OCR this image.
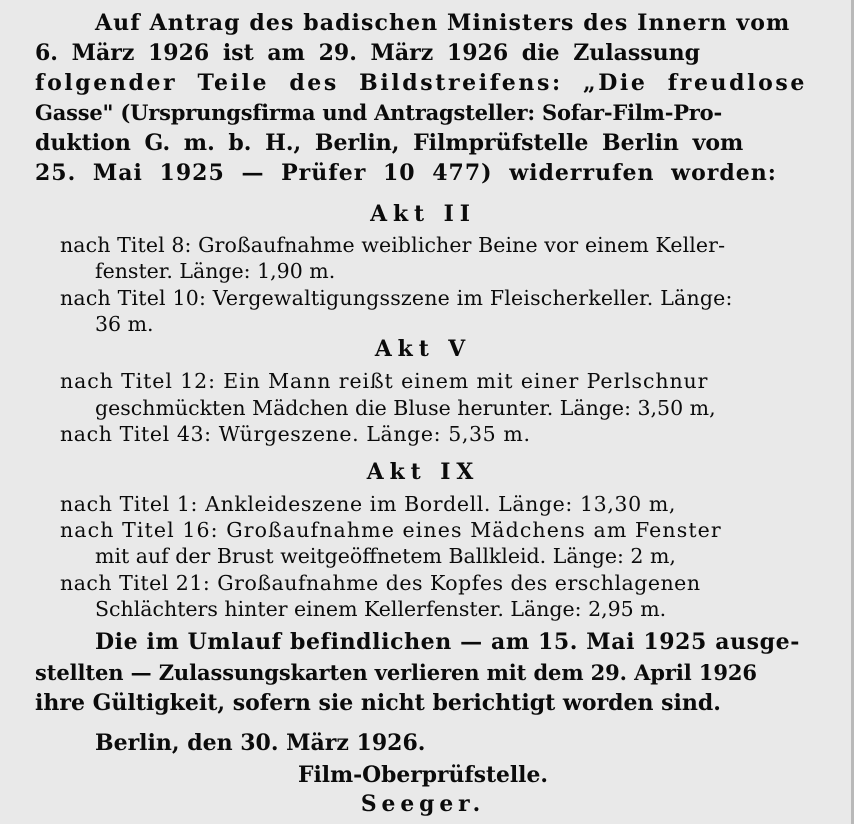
Auf Antrag des badischen Ministers des Innern vom
6. März 1926 ist am 29. März 1926 die Zulassung
folgender Teile des Bildstreifens: „Die freudlose
Gasse" (Ursprungsfirma und Antragsteller: Sofar-Film-Pro-
duktion G. m. b. H., Berlin, Filmprüfstelle Berlin vom
25. Mai 1925 — Prüfer 10 477) widerrufen worden:
Akt II
nach Titel 8: Großaufnahme weiblicher Beine vor einem Keller-
fenster. Länge: 1,90 m.
nach Titel 10: Vergewaltigungsszene im Fleischerkeller. Länge:
36 m.
Akt V
nach Titel 12: Ein Mann reißt einem mit einer Perlschnur
geschmückten Mädchen die Bluse herunter. Länge: 3,50 m,
nach Titel 43: Würgeszene. Länge: 5,35 m.
Akt IX
nach Titel 1: Ankleideszene im Bordell. Länge: 13,30 m,
nach Titel 16: Großaufnahme eines Mädchens am Fenster
mit auf der Brust weitgeöffnetem Ballkleid. Länge: 2 m,
nach Titel 21: Großaufnahme des Kopfes des erschlagenen
Schlächters hinter einem Kellerfenster. Länge: 2,95 m.
Die im Umlauf befindlichen — am 15. Mai 1925 ausge-
stellten — Zulassungskarten verlieren mit dem 29. April 1926
ihre Gültigkeit, sofern sie nicht berichtigt worden sind.
Berlin, den 30. März 1926.
Film-Oberprüfstelle.
Seeger.
